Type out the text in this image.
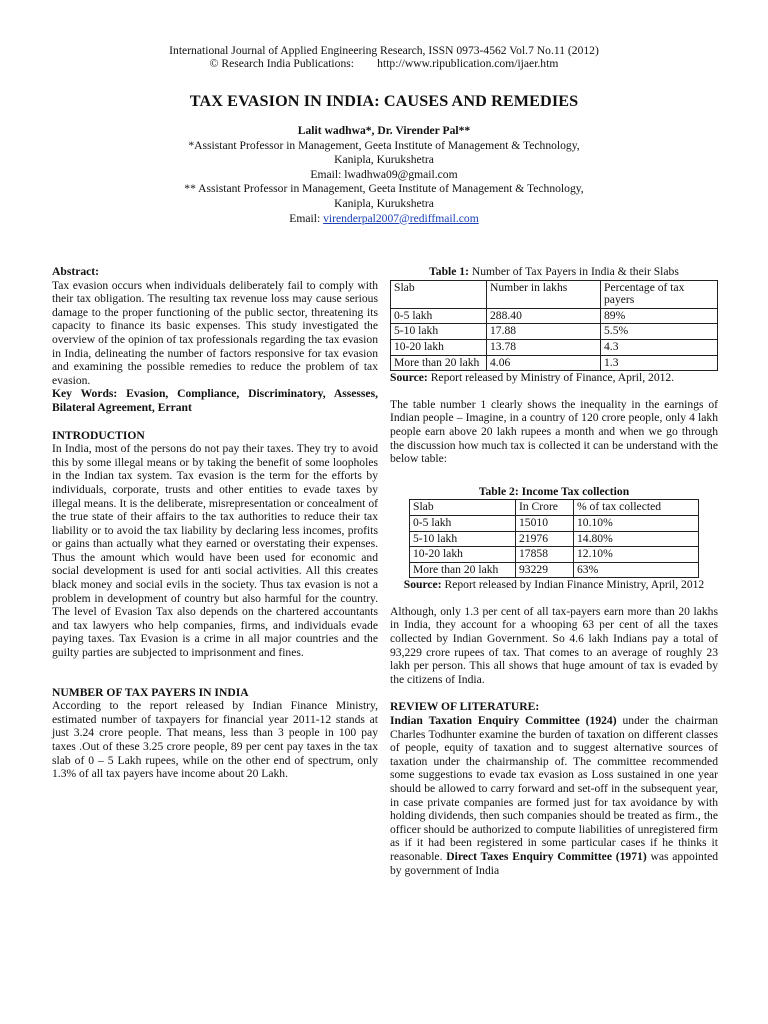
International Journal of Applied Engineering Research, ISSN 0973-4562 Vol.7 No.11 (2012)
© Research India Publications: http://www.ripublication.com/ijaer.htm
TAX EVASION IN INDIA: CAUSES AND REMEDIES
Lalit wadhwa*, Dr. Virender Pal**
*Assistant Professor in Management, Geeta Institute of Management & Technology,
Kanipla, Kurukshetra
Email: lwadhwa09@gmail.com
** Assistant Professor in Management, Geeta Institute of Management & Technology,
Kanipla, Kurukshetra
Email: virenderpal2007@rediffmail.com

Abstract:

Tax evasion occurs when individuals deliberately fail to comply with their tax obligation. The resulting tax revenue loss may cause serious damage to the proper functioning of the public sector, threatening its capacity to finance its basic expenses. This study investigated the overview of the opinion of tax professionals regarding the tax evasion in India, delineating the number of factors responsive for tax evasion and examining the possible remedies to reduce the problem of tax evasion.

Key Words: Evasion, Compliance, Discriminatory, Assesses, Bilateral Agreement, Errant

INTRODUCTION

In India, most of the persons do not pay their taxes. They try to avoid this by some illegal means or by taking the benefit of some loopholes in the Indian tax system. Tax evasion is the term for the efforts by individuals, corporate, trusts and other entities to evade taxes by illegal means. It is the deliberate, misrepresentation or concealment of the true state of their affairs to the tax authorities to reduce their tax liability or to avoid the tax liability by declaring less incomes, profits or gains than actually what they earned or overstating their expenses. Thus the amount which would have been used for economic and social development is used for anti social activities. All this creates black money and social evils in the society. Thus tax evasion is not a problem in development of country but also harmful for the country. The level of Evasion Tax also depends on the chartered accountants and tax lawyers who help companies, firms, and individuals evade paying taxes. Tax Evasion is a crime in all major countries and the guilty parties are subjected to imprisonment and fines.

NUMBER OF TAX PAYERS IN INDIA

According to the report released by Indian Finance Ministry, estimated number of taxpayers for financial year 2011-12 stands at just 3.24 crore people. That means, less than 3 people in 100 pay taxes .Out of these 3.25 crore people, 89 per cent pay taxes in the tax slab of 0 – 5 Lakh rupees, while on the other end of spectrum, only 1.3% of all tax payers have income about 20 Lakh.

Table 1: Number of Tax Payers in India & their Slabs
Slab	Number in lakhs	Percentage of tax payers
0-5 lakh	288.40	89%
5-10 lakh	17.88	5.5%
10-20 lakh	13.78	4.3
More than 20 lakh	4.06	1.3
Source: Report released by Ministry of Finance, April, 2012.

The table number 1 clearly shows the inequality in the earnings of Indian people – Imagine, in a country of 120 crore people, only 4 lakh people earn above 20 lakh rupees a month and when we go through the discussion how much tax is collected it can be understand with the below table:

Table 2: Income Tax collection
Slab	In Crore	% of tax collected
0-5 lakh	15010	10.10%
5-10 lakh	21976	14.80%
10-20 lakh	17858	12.10%
More than 20 lakh	93229	63%
Source: Report released by Indian Finance Ministry, April, 2012

Although, only 1.3 per cent of all tax-payers earn more than 20 lakhs in India, they account for a whooping 63 per cent of all the taxes collected by Indian Government. So 4.6 lakh Indians pay a total of 93,229 crore rupees of tax. That comes to an average of roughly 23 lakh per person. This all shows that huge amount of tax is evaded by the citizens of India.

REVIEW OF LITERATURE:

Indian Taxation Enquiry Committee (1924) under the chairman Charles Todhunter examine the burden of taxation on different classes of people, equity of taxation and to suggest alternative sources of taxation under the chairmanship of. The committee recommended some suggestions to evade tax evasion as Loss sustained in one year should be allowed to carry forward and set-off in the subsequent year, in case private companies are formed just for tax avoidance by with holding dividends, then such companies should be treated as firm., the officer should be authorized to compute liabilities of unregistered firm as if it had been registered in some particular cases if he thinks it reasonable. Direct Taxes Enquiry Committee (1971) was appointed by government of India
